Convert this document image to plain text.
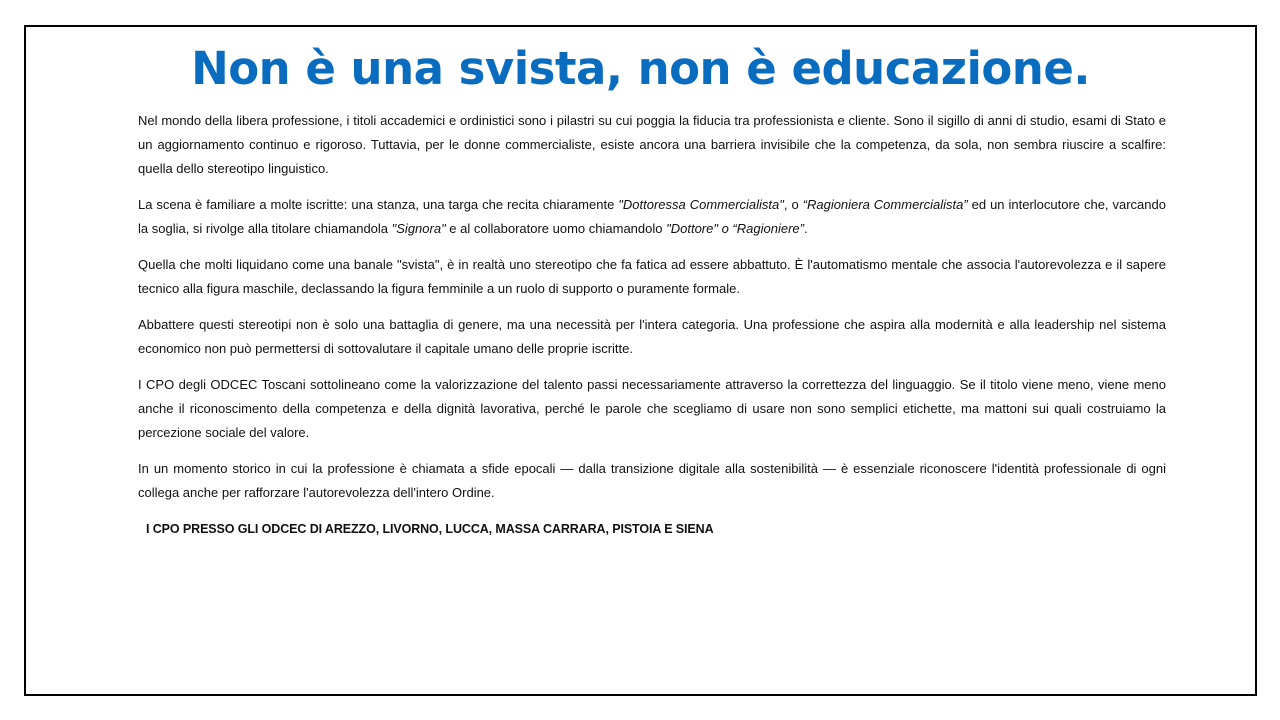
Non è una svista, non è educazione.

Nel mondo della libera professione, i titoli accademici e ordinistici sono i pilastri su cui poggia la fiducia tra professionista e cliente. Sono il sigillo di anni di studio, esami di Stato e un aggiornamento continuo e rigoroso. Tuttavia, per le donne commercialiste, esiste ancora una barriera invisibile che la competenza, da sola, non sembra riuscire a scalfire: quella dello stereotipo linguistico.

La scena è familiare a molte iscritte: una stanza, una targa che recita chiaramente "Dottoressa Commercialista", o “Ragioniera Commercialista” ed un interlocutore che, varcando la soglia, si rivolge alla titolare chiamandola "Signora" e al collaboratore uomo chiamandolo "Dottore" o “Ragioniere”.

Quella che molti liquidano come una banale "svista", è in realtà uno stereotipo che fa fatica ad essere abbattuto. È l'automatismo mentale che associa l'autorevolezza e il sapere tecnico alla figura maschile, declassando la figura femminile a un ruolo di supporto o puramente formale.

Abbattere questi stereotipi non è solo una battaglia di genere, ma una necessità per l'intera categoria. Una professione che aspira alla modernità e alla leadership nel sistema economico non può permettersi di sottovalutare il capitale umano delle proprie iscritte.

I CPO degli ODCEC Toscani sottolineano come la valorizzazione del talento passi necessariamente attraverso la correttezza del linguaggio. Se il titolo viene meno, viene meno anche il riconoscimento della competenza e della dignità lavorativa, perché le parole che scegliamo di usare non sono semplici etichette, ma mattoni sui quali costruiamo la percezione sociale del valore.

In un momento storico in cui la professione è chiamata a sfide epocali — dalla transizione digitale alla sostenibilità — è essenziale riconoscere l'identità professionale di ogni collega anche per rafforzare l'autorevolezza dell'intero Ordine.

I CPO PRESSO GLI ODCEC DI AREZZO, LIVORNO, LUCCA, MASSA CARRARA, PISTOIA E SIENA
